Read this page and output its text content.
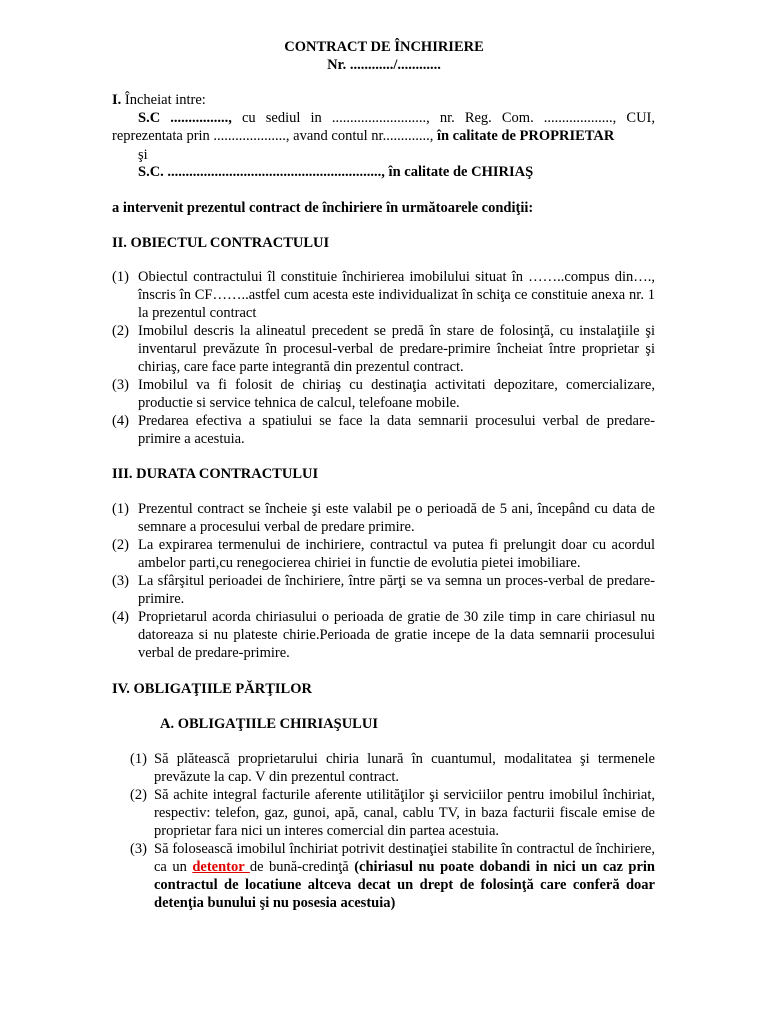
CONTRACT DE ÎNCHIRIERE
Nr. ............/............
I. Încheiat intre:
S.C ................, cu sediul in .........................., nr. Reg. Com. ..................., CUI,
reprezentata prin ...................., avand contul nr............., în calitate de PROPRIETAR
şi
S.C. ..........................................................., în calitate de CHIRIAŞ
a intervenit prezentul contract de închiriere în următoarele condiţii:
II. OBIECTUL CONTRACTULUI
(1) Obiectul contractului îl constituie închirierea imobilului situat în ……..compus din…., înscris în CF……..astfel cum acesta este individualizat în schiţa ce constituie anexa nr. 1 la prezentul contract
(2) Imobilul descris la alineatul precedent se predă în stare de folosinţă, cu instalaţiile şi inventarul prevăzute în procesul-verbal de predare-primire încheiat între proprietar şi chiriaş, care face parte integrantă din prezentul contract.
(3) Imobilul va fi folosit de chiriaş cu destinaţia activitati depozitare, comercializare, productie si service tehnica de calcul, telefoane mobile.
(4) Predarea efectiva a spatiului se face la data semnarii procesului verbal de predare-primire a acestuia.
III. DURATA CONTRACTULUI
(1) Prezentul contract se încheie şi este valabil pe o perioadă de 5 ani, începând cu data de semnare a procesului verbal de predare primire.
(2) La expirarea termenului de inchiriere, contractul va putea fi prelungit doar cu acordul ambelor parti,cu renegocierea chiriei in functie de evolutia pietei imobiliare.
(3) La sfârşitul perioadei de închiriere, între părţi se va semna un proces-verbal de predare-primire.
(4) Proprietarul acorda chiriasului o perioada de gratie de 30 zile timp in care chiriasul nu datoreaza si nu plateste chirie.Perioada de gratie incepe de la data semnarii procesului verbal de predare-primire.
IV. OBLIGAŢIILE PĂRŢILOR
A. OBLIGAŢIILE CHIRIAŞULUI
(1) Să plătească proprietarului chiria lunară în cuantumul, modalitatea şi termenele prevăzute la cap. V din prezentul contract.
(2) Să achite integral facturile aferente utilităţilor şi serviciilor pentru imobilul închiriat, respectiv: telefon, gaz, gunoi, apă, canal, cablu TV, in baza facturii fiscale emise de proprietar fara nici un interes comercial din partea acestuia.
(3) Să folosească imobilul închiriat potrivit destinaţiei stabilite în contractul de închiriere, ca un detentor de bună-credinţă (chiriasul nu poate dobandi in nici un caz prin contractul de locatiune altceva decat un drept de folosinţă care conferă doar detenţia bunului şi nu posesia acestuia)
